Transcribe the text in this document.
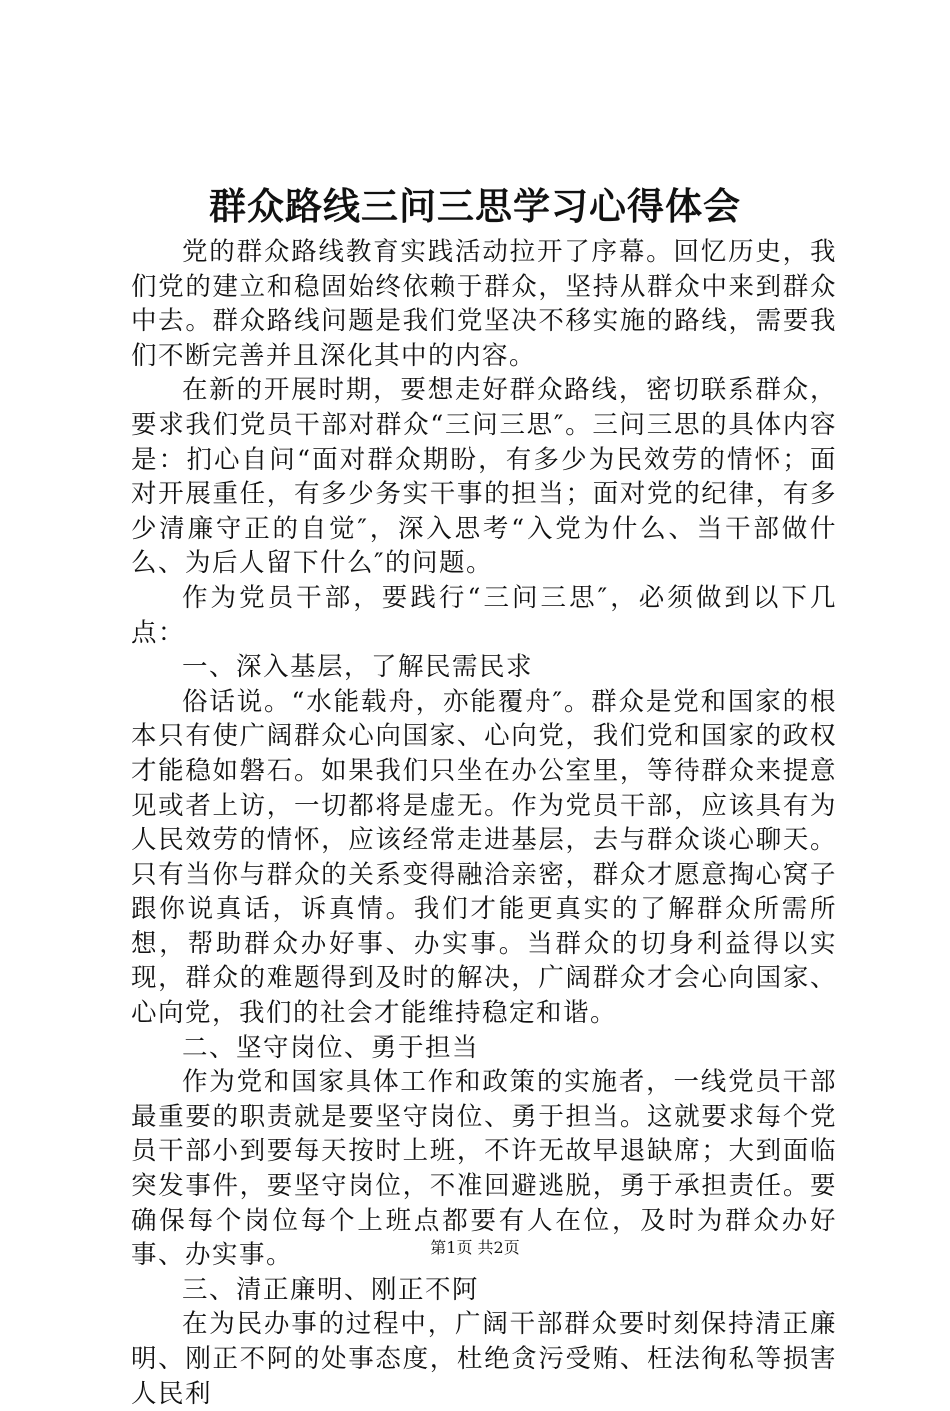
群众路线三问三思学习心得体会

党的群众路线教育实践活动拉开了序幕。回忆历史，我们党的建立和稳固始终依赖于群众，坚持从群众中来到群众中去。群众路线问题是我们党坚决不移实施的路线，需要我们不断完善并且深化其中的内容。

在新的开展时期，要想走好群众路线，密切联系群众，要求我们党员干部对群众“三问三思″。三问三思的具体内容是：扪心自问“面对群众期盼，有多少为民效劳的情怀；面对开展重任，有多少务实干事的担当；面对党的纪律，有多少清廉守正的自觉″，深入思考“入党为什么、当干部做什么、为后人留下什么″的问题。

作为党员干部，要践行“三问三思″，必须做到以下几点：

一、深入基层，了解民需民求

俗话说。“水能载舟，亦能覆舟″。群众是党和国家的根本只有使广阔群众心向国家、心向党，我们党和国家的政权才能稳如磐石。如果我们只坐在办公室里，等待群众来提意见或者上访，一切都将是虚无。作为党员干部，应该具有为人民效劳的情怀，应该经常走进基层，去与群众谈心聊天。只有当你与群众的关系变得融洽亲密，群众才愿意掏心窝子跟你说真话，诉真情。我们才能更真实的了解群众所需所想，帮助群众办好事、办实事。当群众的切身利益得以实现，群众的难题得到及时的解决，广阔群众才会心向国家、心向党，我们的社会才能维持稳定和谐。

二、坚守岗位、勇于担当

作为党和国家具体工作和政策的实施者，一线党员干部最重要的职责就是要坚守岗位、勇于担当。这就要求每个党员干部小到要每天按时上班，不许无故早退缺席；大到面临突发事件，要坚守岗位，不准回避逃脱，勇于承担责任。要确保每个岗位每个上班点都要有人在位，及时为群众办好事、办实事。

三、清正廉明、刚正不阿

在为民办事的过程中，广阔干部群众要时刻保持清正廉明、刚正不阿的处事态度，杜绝贪污受贿、枉法徇私等损害人民利

第1页 共2页
